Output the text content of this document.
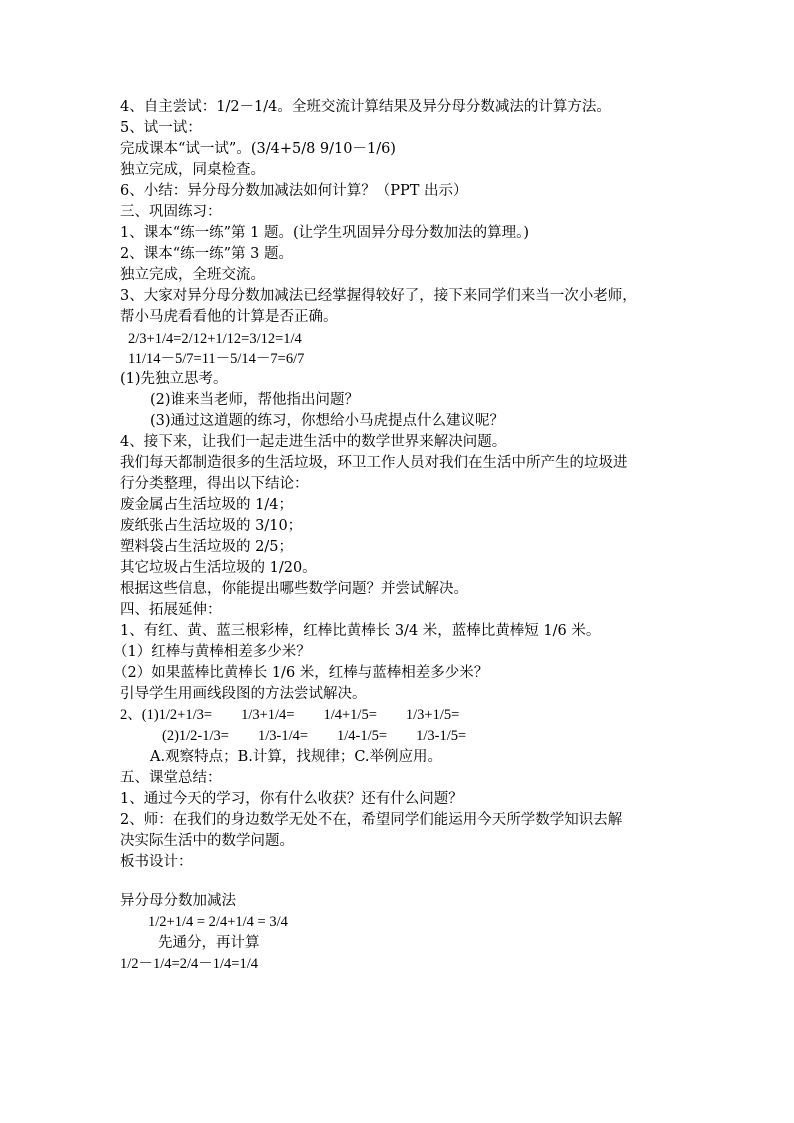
4、自主尝试：1/2－1/4。全班交流计算结果及异分母分数减法的计算方法。
5、试一试：
完成课本“试一试”。(3/4+5/8 9/10－1/6)
独立完成，同桌检查。
6、小结：异分母分数加减法如何计算？（PPT 出示）
三、巩固练习：
1、课本“练一练”第 1 题。(让学生巩固异分母分数加法的算理。)
2、课本“练一练”第 3 题。
独立完成，全班交流。
3、大家对异分母分数加减法已经掌握得较好了，接下来同学们来当一次小老师，
帮小马虎看看他的计算是否正确。
2/3+1/4=2/12+1/12=3/12=1/4
11/14－5/7=11－5/14－7=6/7
(1)先独立思考。
(2)谁来当老师，帮他指出问题？
(3)通过这道题的练习，你想给小马虎提点什么建议呢？
4、接下来，让我们一起走进生活中的数学世界来解决问题。
我们每天都制造很多的生活垃圾，环卫工作人员对我们在生活中所产生的垃圾进
行分类整理，得出以下结论：
废金属占生活垃圾的 1/4；
废纸张占生活垃圾的 3/10；
塑料袋占生活垃圾的 2/5；
其它垃圾占生活垃圾的 1/20。
根据这些信息，你能提出哪些数学问题？并尝试解决。
四、拓展延伸：
1、有红、黄、蓝三根彩棒，红棒比黄棒长 3/4 米，蓝棒比黄棒短 1/6 米。
（1）红棒与黄棒相差多少米？
（2）如果蓝棒比黄棒长 1/6 米，红棒与蓝棒相差多少米？
引导学生用画线段图的方法尝试解决。
2、(1)1/2+1/3=        1/3+1/4=        1/4+1/5=        1/3+1/5=
(2)1/2-1/3=        1/3-1/4=        1/4-1/5=        1/3-1/5=
A.观察特点；B.计算，找规律；C.举例应用。
五、课堂总结：
1、通过今天的学习，你有什么收获？还有什么问题？
2、师：在我们的身边数学无处不在，希望同学们能运用今天所学数学知识去解
决实际生活中的数学问题。
板书设计：
异分母分数加减法
1/2+1/4 = 2/4+1/4 = 3/4
先通分，再计算
1/2－1/4=2/4－1/4=1/4
